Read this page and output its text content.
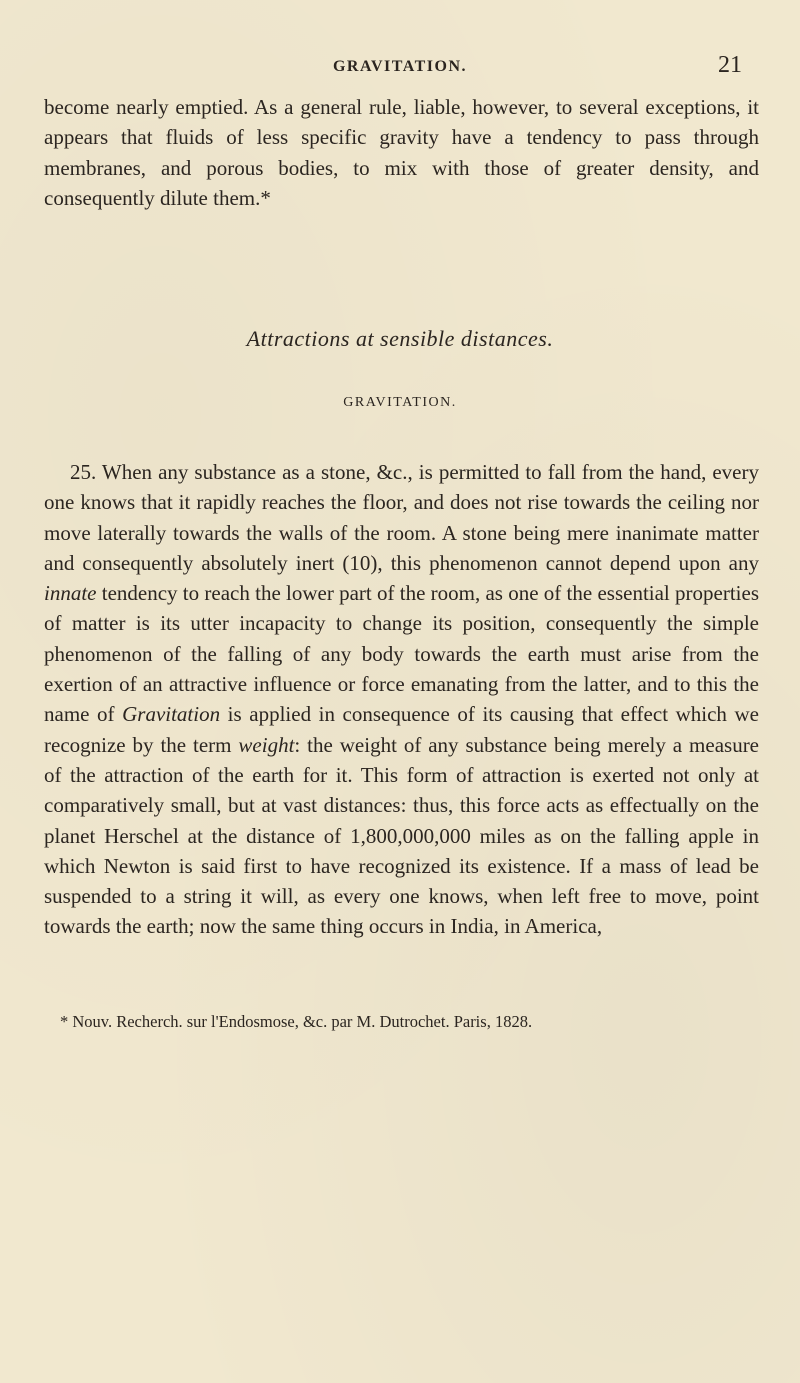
GRAVITATION.	21

become nearly emptied. As a general rule, liable, however, to several exceptions, it appears that fluids of less specific gravity have a tendency to pass through membranes, and porous bodies, to mix with those of greater density, and consequently dilute them.*

Attractions at sensible distances.
GRAVITATION.

25. When any substance as a stone, &c., is permitted to fall from the hand, every one knows that it rapidly reaches the floor, and does not rise towards the ceiling nor move laterally towards the walls of the room. A stone being mere inanimate matter and consequently absolutely inert (10), this phenomenon cannot depend upon any innate tendency to reach the lower part of the room, as one of the essential properties of matter is its utter incapacity to change its position, consequently the simple phenomenon of the falling of any body towards the earth must arise from the exertion of an attractive influence or force emanating from the latter, and to this the name of Gravitation is applied in consequence of its causing that effect which we recognize by the term weight: the weight of any substance being merely a measure of the attraction of the earth for it. This form of attraction is exerted not only at comparatively small, but at vast distances: thus, this force acts as effectually on the planet Herschel at the distance of 1,800,000,000 miles as on the falling apple in which Newton is said first to have recognized its existence. If a mass of lead be suspended to a string it will, as every one knows, when left free to move, point towards the earth; now the same thing occurs in India, in America,

* Nouv. Recherch. sur l'Endosmose, &c. par M. Dutrochet. Paris, 1828.
